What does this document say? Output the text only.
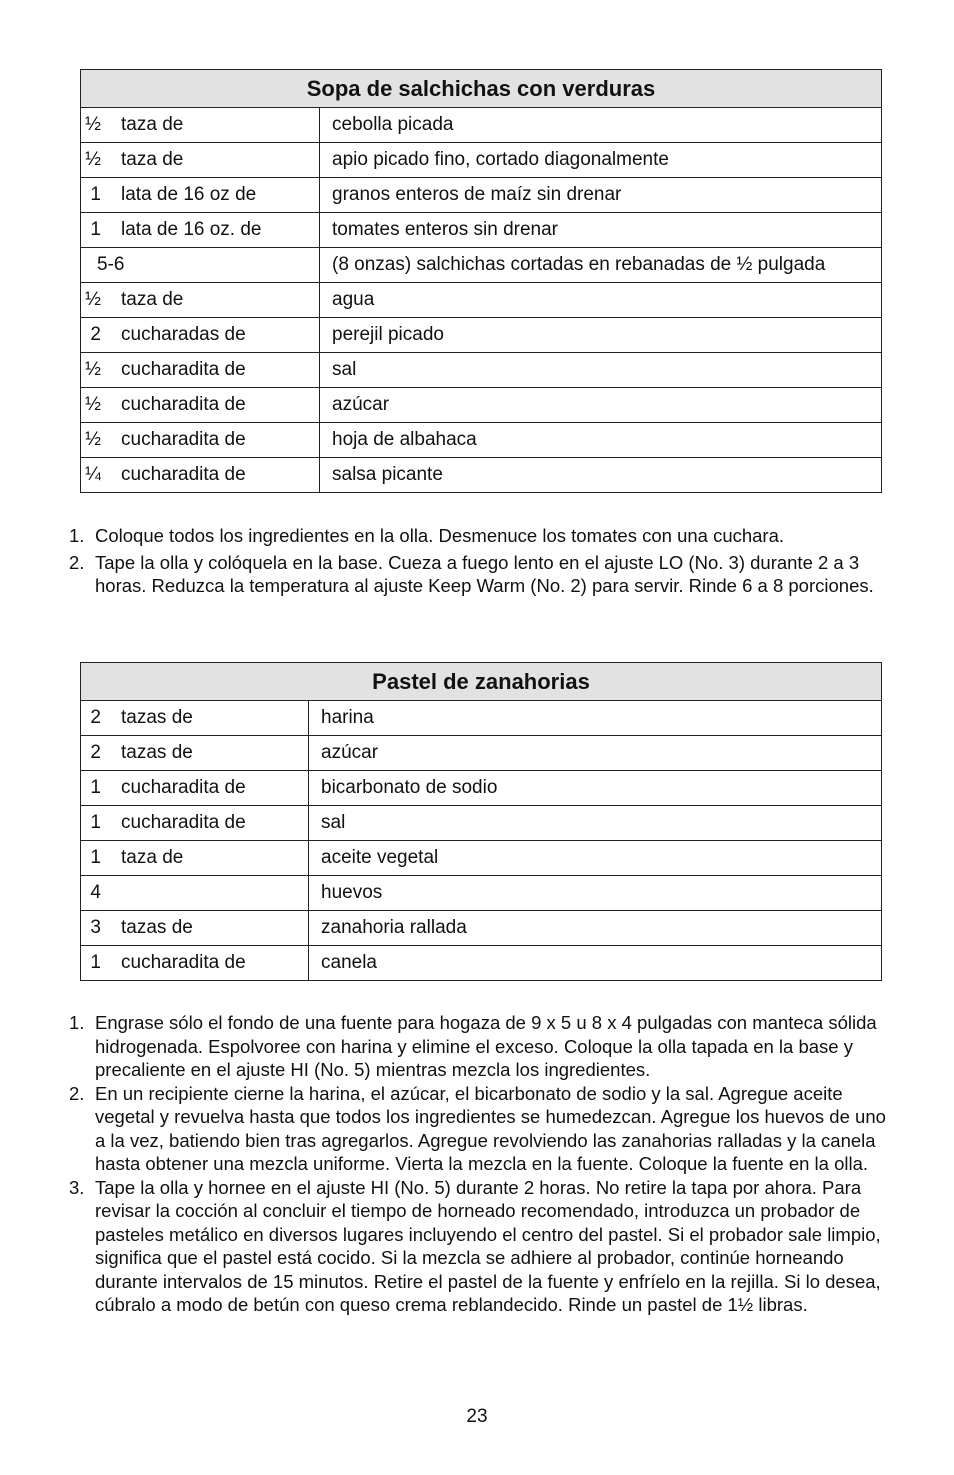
Sopa de salchichas con verduras	

½ taza de	cebolla picada

½ taza de	apio picado fino, cortado diagonalmente

1 lata de 16 oz de	granos enteros de maíz sin drenar

1 lata de 16 oz. de	tomates enteros sin drenar

5-6	(8 onzas) salchichas cortadas en rebanadas de ½ pulgada

½ taza de	agua

2 cucharadas de	perejil picado

½ cucharadita de	sal

½ cucharadita de	azúcar

½ cucharadita de	hoja de albahaca

¼ cucharadita de	salsa picante
1. Coloque todos los ingredientes en la olla. Desmenuce los tomates con una cuchara.
2. Tape la olla y colóquela en la base. Cueza a fuego lento en el ajuste LO (No. 3) durante 2 a 3 horas. Reduzca la temperatura al ajuste Keep Warm (No. 2) para servir. Rinde 6 a 8 porciones.
Pastel de zanahorias	

2 tazas de	harina

2 tazas de	azúcar

1 cucharadita de	bicarbonato de sodio

1 cucharadita de	sal

1 taza de	aceite vegetal

4	huevos

3 tazas de	zanahoria rallada

1 cucharadita de	canela
1. Engrase sólo el fondo de una fuente para hogaza de 9 x 5 u 8 x 4 pulgadas con manteca sólida hidrogenada. Espolvoree con harina y elimine el exceso. Coloque la olla tapada en la base y precaliente en el ajuste HI (No. 5) mientras mezcla los ingredientes.
2. En un recipiente cierne la harina, el azúcar, el bicarbonato de sodio y la sal. Agregue aceite vegetal y revuelva hasta que todos los ingredientes se humedezcan. Agregue los huevos de uno a la vez, batiendo bien tras agregarlos. Agregue revolviendo las zanahorias ralladas y la canela hasta obtener una mezcla uniforme. Vierta la mezcla en la fuente. Coloque la fuente en la olla.
3. Tape la olla y hornee en el ajuste HI (No. 5) durante 2 horas. No retire la tapa por ahora. Para revisar la cocción al concluir el tiempo de horneado recomendado, introduzca un probador de pasteles metálico en diversos lugares incluyendo el centro del pastel. Si el probador sale limpio, significa que el pastel está cocido. Si la mezcla se adhiere al probador, continúe horneando durante intervalos de 15 minutos. Retire el pastel de la fuente y enfríelo en la rejilla. Si lo desea, cúbralo a modo de betún con queso crema reblandecido. Rinde un pastel de 1½ libras.
23
